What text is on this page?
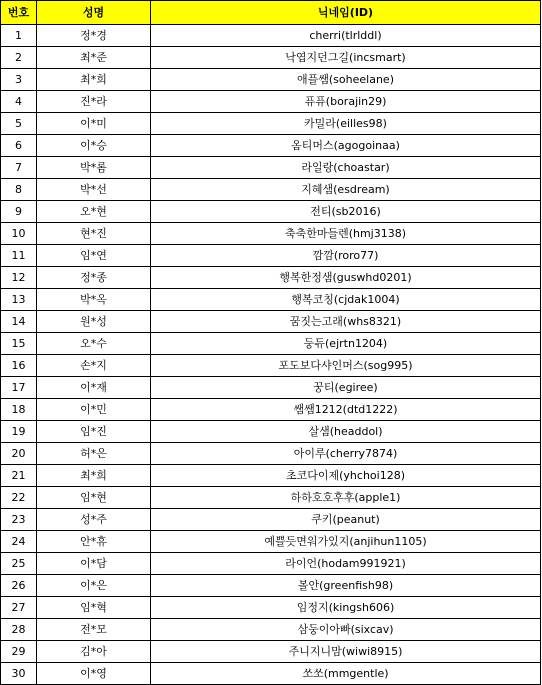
번호	성명	닉네임(ID)
1	정*경	cherri(tlrlddl)
2	최*준	낙엽지던그길(incsmart)
3	최*희	애플쌤(soheelane)
4	진*라	퓨퓨(borajin29)
5	이*미	카밀라(eilles98)
6	이*승	옴티머스(agogoinaa)
7	박*롬	라일랑(choastar)
8	박*선	지혜샘(esdream)
9	오*현	전티(sb2016)
10	현*진	축축한마들렌(hmj3138)
11	임*연	깜깜(roro77)
12	정*종	행복한정샘(guswhd0201)
13	박*옥	행복코칭(cjdak1004)
14	원*성	꿈짓는고래(whs8321)
15	오*수	둥듀(ejrtn1204)
16	손*지	포도보다샤인머스(sog995)
17	이*재	꿍티(egiree)
18	이*민	쌤쌤1212(dtd1222)
19	임*진	살샘(headdol)
20	허*은	아이루(cherry7874)
21	최*희	초코다이제(yhchoi128)
22	임*현	하하호호후후(apple1)
23	성*주	쿠키(peanut)
24	안*휴	예쁠듯면워가있지(anjihun1105)
25	이*담	라이언(hodam991921)
26	이*은	볼안(greenfish98)
27	임*혁	임정지(kingsh606)
28	전*모	삼둥이아빠(sixcav)
29	김*아	주니지니맘(wiwi8915)
30	이*영	쏘쏘(mmgentle)
